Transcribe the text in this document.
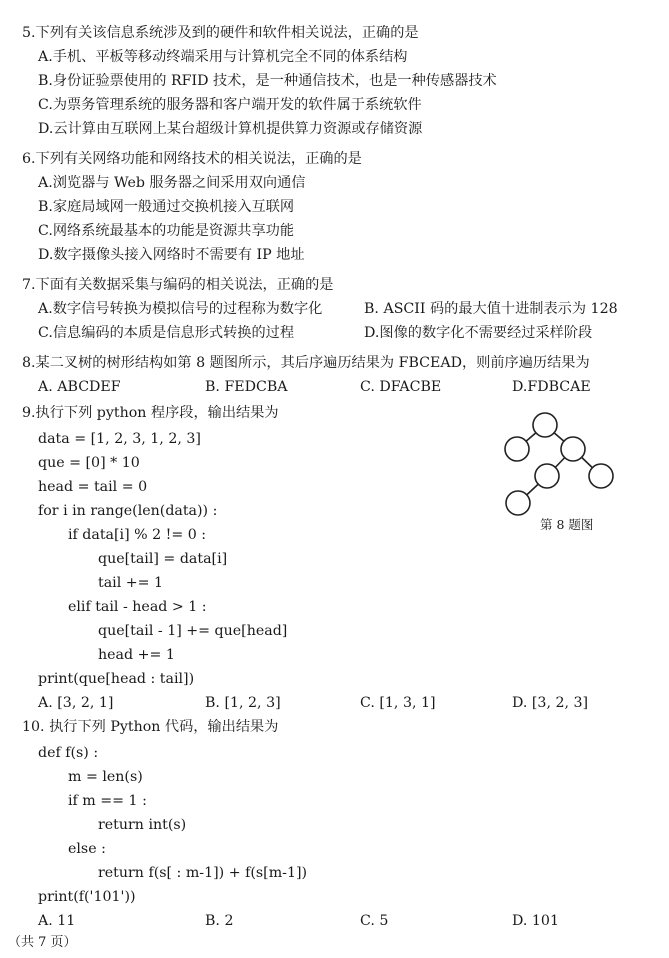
5.下列有关该信息系统涉及到的硬件和软件相关说法，正确的是
A.手机、平板等移动终端采用与计算机完全不同的体系结构
B.身份证验票使用的 RFID 技术，是一种通信技术，也是一种传感器技术
C.为票务管理系统的服务器和客户端开发的软件属于系统软件
D.云计算由互联网上某台超级计算机提供算力资源或存储资源
6.下列有关网络功能和网络技术的相关说法，正确的是
A.浏览器与 Web 服务器之间采用双向通信
B.家庭局域网一般通过交换机接入互联网
C.网络系统最基本的功能是资源共享功能
D.数字摄像头接入网络时不需要有 IP 地址
7.下面有关数据采集与编码的相关说法，正确的是
A.数字信号转换为模拟信号的过程称为数字化	B. ASCII 码的最大值十进制表示为 128
C.信息编码的本质是信息形式转换的过程	D.图像的数字化不需要经过采样阶段
8.某二叉树的树形结构如第 8 题图所示，其后序遍历结果为 FBCEAD，则前序遍历结果为
A. ABCDEF	B. FEDCBA	C. DFACBE	D.FDBCAE
9.执行下列 python 程序段，输出结果为
data = [1, 2, 3, 1, 2, 3]
que = [0] * 10
head = tail = 0
for i in range(len(data)) :
if data[i] % 2 != 0 :
que[tail] = data[i]
tail += 1
elif tail - head > 1 :
que[tail - 1] += que[head]
head += 1
print(que[head : tail])
A. [3, 2, 1]	B. [1, 2, 3]	C. [1, 3, 1]	D. [3, 2, 3]
第 8 题图
10. 执行下列 Python 代码，输出结果为
def f(s) :
m = len(s)
if m == 1 :
return int(s)
else :
return f(s[ : m-1]) + f(s[m-1])
print(f('101'))
A. 11	B. 2	C. 5	D. 101
（共 7 页）
